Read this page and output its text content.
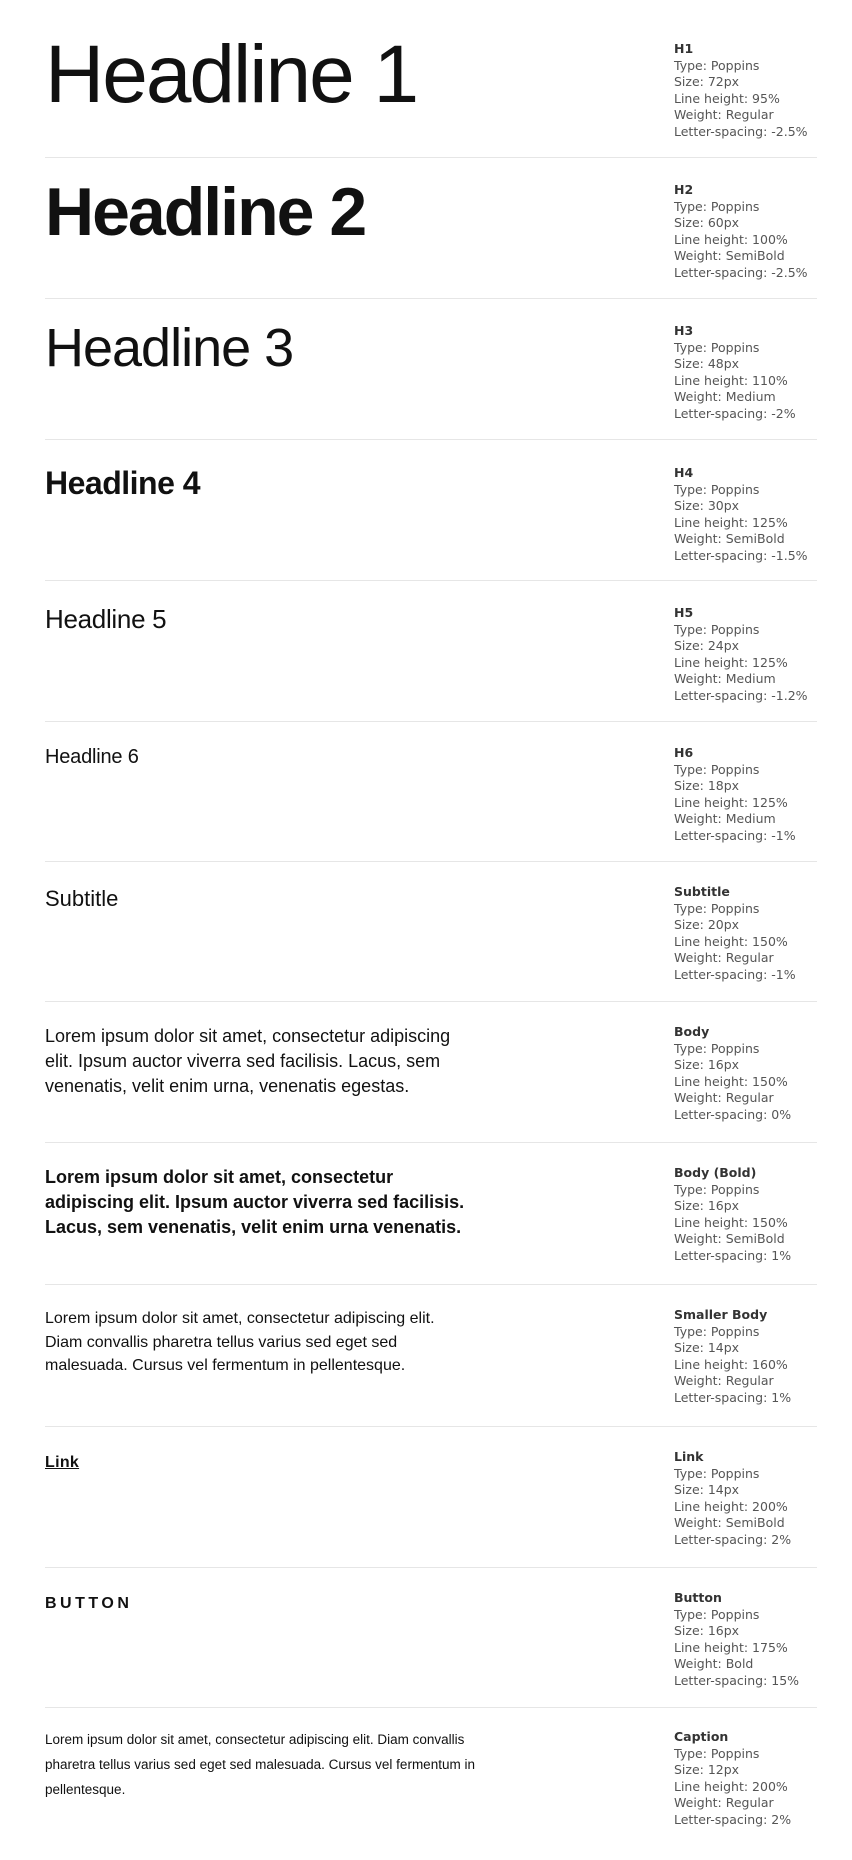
Headline 1	H1
Type: Poppins
Size: 72px
Line height: 95%
Weight: Regular
Letter-spacing: -2.5%
Headline 2	H2
Type: Poppins
Size: 60px
Line height: 100%
Weight: SemiBold
Letter-spacing: -2.5%
Headline 3	H3
Type: Poppins
Size: 48px
Line height: 110%
Weight: Medium
Letter-spacing: -2%
Headline 4	H4
Type: Poppins
Size: 30px
Line height: 125%
Weight: SemiBold
Letter-spacing: -1.5%
Headline 5	H5
Type: Poppins
Size: 24px
Line height: 125%
Weight: Medium
Letter-spacing: -1.2%
Headline 6	H6
Type: Poppins
Size: 18px
Line height: 125%
Weight: Medium
Letter-spacing: -1%
Subtitle	Subtitle
Type: Poppins
Size: 20px
Line height: 150%
Weight: Regular
Letter-spacing: -1%
Lorem ipsum dolor sit amet, consectetur adipiscing elit. Ipsum auctor viverra sed facilisis. Lacus, sem venenatis, velit enim urna, venenatis egestas.
Body
Type: Poppins
Size: 16px
Line height: 150%
Weight: Regular
Letter-spacing: 0%
Lorem ipsum dolor sit amet, consectetur adipiscing elit. Ipsum auctor viverra sed facilisis. Lacus, sem venenatis, velit enim urna venenatis.
Body (Bold)
Type: Poppins
Size: 16px
Line height: 150%
Weight: SemiBold
Letter-spacing: 1%
Lorem ipsum dolor sit amet, consectetur adipiscing elit. Diam convallis pharetra tellus varius sed eget sed malesuada. Cursus vel fermentum in pellentesque.
Smaller Body
Type: Poppins
Size: 14px
Line height: 160%
Weight: Regular
Letter-spacing: 1%
Link	Link
Type: Poppins
Size: 14px
Line height: 200%
Weight: SemiBold
Letter-spacing: 2%
BUTTON	Button
Type: Poppins
Size: 16px
Line height: 175%
Weight: Bold
Letter-spacing: 15%
Lorem ipsum dolor sit amet, consectetur adipiscing elit. Diam convallis pharetra tellus varius sed eget sed malesuada. Cursus vel fermentum in pellentesque.
Caption
Type: Poppins
Size: 12px
Line height: 200%
Weight: Regular
Letter-spacing: 2%
